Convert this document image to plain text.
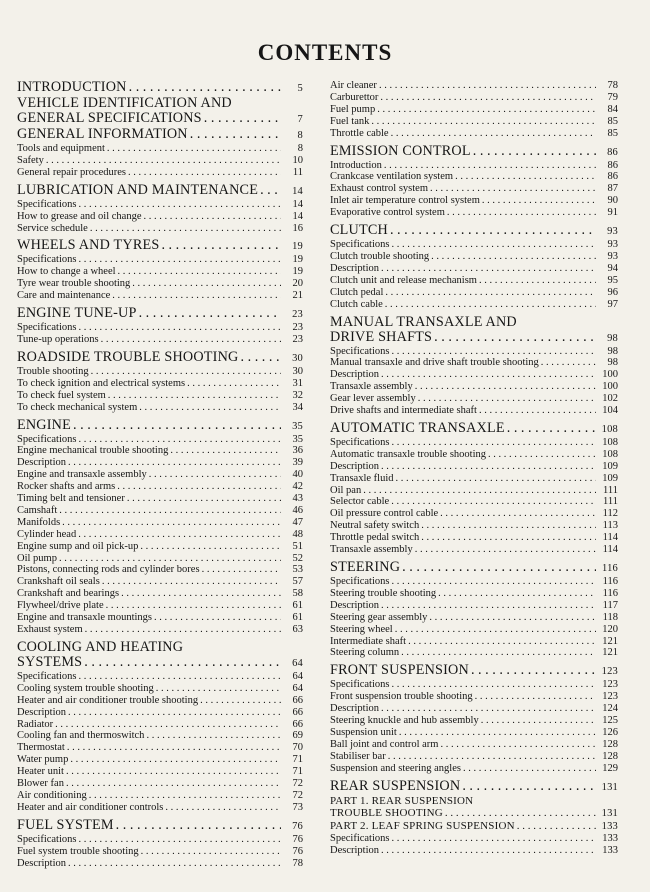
CONTENTS
INTRODUCTION . . .	5
VEHICLE IDENTIFICATION AND
GENERAL SPECIFICATIONS . . .	7
GENERAL INFORMATION . . .	8
Tools and equipment . . .	8
Safety . . .	10
General repair procedures . . .	11
LUBRICATION AND MAINTENANCE . . .	14
Specifications . . .	14
How to grease and oil change . . .	14
Service schedule . . .	16
WHEELS AND TYRES . . .	19
Specifications . . .	19
How to change a wheel . . .	19
Tyre wear trouble shooting . . .	20
Care and maintenance . . .	21
ENGINE TUNE-UP . . .	23
Specifications . . .	23
Tune-up operations . . .	23
ROADSIDE TROUBLE SHOOTING . . .	30
Trouble shooting . . .	30
To check ignition and electrical systems . . .	31
To check fuel system . . .	32
To check mechanical system . . .	34
ENGINE . . .	35
Specifications . . .	35
Engine mechanical trouble shooting . . .	36
Description . . .	39
Engine and transaxle assembly . . .	40
Rocker shafts and arms . . .	42
Timing belt and tensioner . . .	43
Camshaft . . .	46
Manifolds . . .	47
Cylinder head . . .	48
Engine sump and oil pick-up . . .	51
Oil pump . . .	52
Pistons, connecting rods and cylinder bores . . .	53
Crankshaft oil seals . . .	57
Crankshaft and bearings . . .	58
Flywheel/drive plate . . .	61
Engine and transaxle mountings . . .	61
Exhaust system . . .	63
COOLING AND HEATING
SYSTEMS . . .	64
Specifications . . .	64
Cooling system trouble shooting . . .	64
Heater and air conditioner trouble shooting . . .	66
Description . . .	66
Radiator . . .	66
Cooling fan and thermoswitch . . .	69
Thermostat . . .	70
Water pump . . .	71
Heater unit . . .	71
Blower fan . . .	72
Air conditioning . . .	72
Heater and air conditioner controls . . .	73
FUEL SYSTEM . . .	76
Specifications . . .	76
Fuel system trouble shooting . . .	76
Description . . .	78
Air cleaner . . .	78
Carburettor . . .	79
Fuel pump . . .	84
Fuel tank . . .	85
Throttle cable . . .	85
EMISSION CONTROL . . .	86
Introduction . . .	86
Crankcase ventilation system . . .	86
Exhaust control system . . .	87
Inlet air temperature control system . . .	90
Evaporative control system . . .	91
CLUTCH . . .	93
Specifications . . .	93
Clutch trouble shooting . . .	93
Description . . .	94
Clutch unit and release mechanism . . .	95
Clutch pedal . . .	96
Clutch cable . . .	97
MANUAL TRANSAXLE AND
DRIVE SHAFTS . . .	98
Specifications . . .	98
Manual transaxle and drive shaft trouble shooting . . .	98
Description . . .	100
Transaxle assembly . . .	100
Gear lever assembly . . .	102
Drive shafts and intermediate shaft . . .	104
AUTOMATIC TRANSAXLE . . .	108
Specifications . . .	108
Automatic transaxle trouble shooting . . .	108
Description . . .	109
Transaxle fluid . . .	109
Oil pan . . .	111
Selector cable . . .	111
Oil pressure control cable . . .	112
Neutral safety switch . . .	113
Throttle pedal switch . . .	114
Transaxle assembly . . .	114
STEERING . . .	116
Specifications . . .	116
Steering trouble shooting . . .	116
Description . . .	117
Steering gear assembly . . .	118
Steering wheel . . .	120
Intermediate shaft . . .	121
Steering column . . .	121
FRONT SUSPENSION . . .	123
Specifications . . .	123
Front suspension trouble shooting . . .	123
Description . . .	124
Steering knuckle and hub assembly . . .	125
Suspension unit . . .	126
Ball joint and control arm . . .	128
Stabiliser bar . . .	128
Suspension and steering angles . . .	129
REAR SUSPENSION . . .	131
PART 1. REAR SUSPENSION
TROUBLE SHOOTING . . .	131
PART 2. LEAF SPRING SUSPENSION . . .	133
Specifications . . .	133
Description . . .	133
